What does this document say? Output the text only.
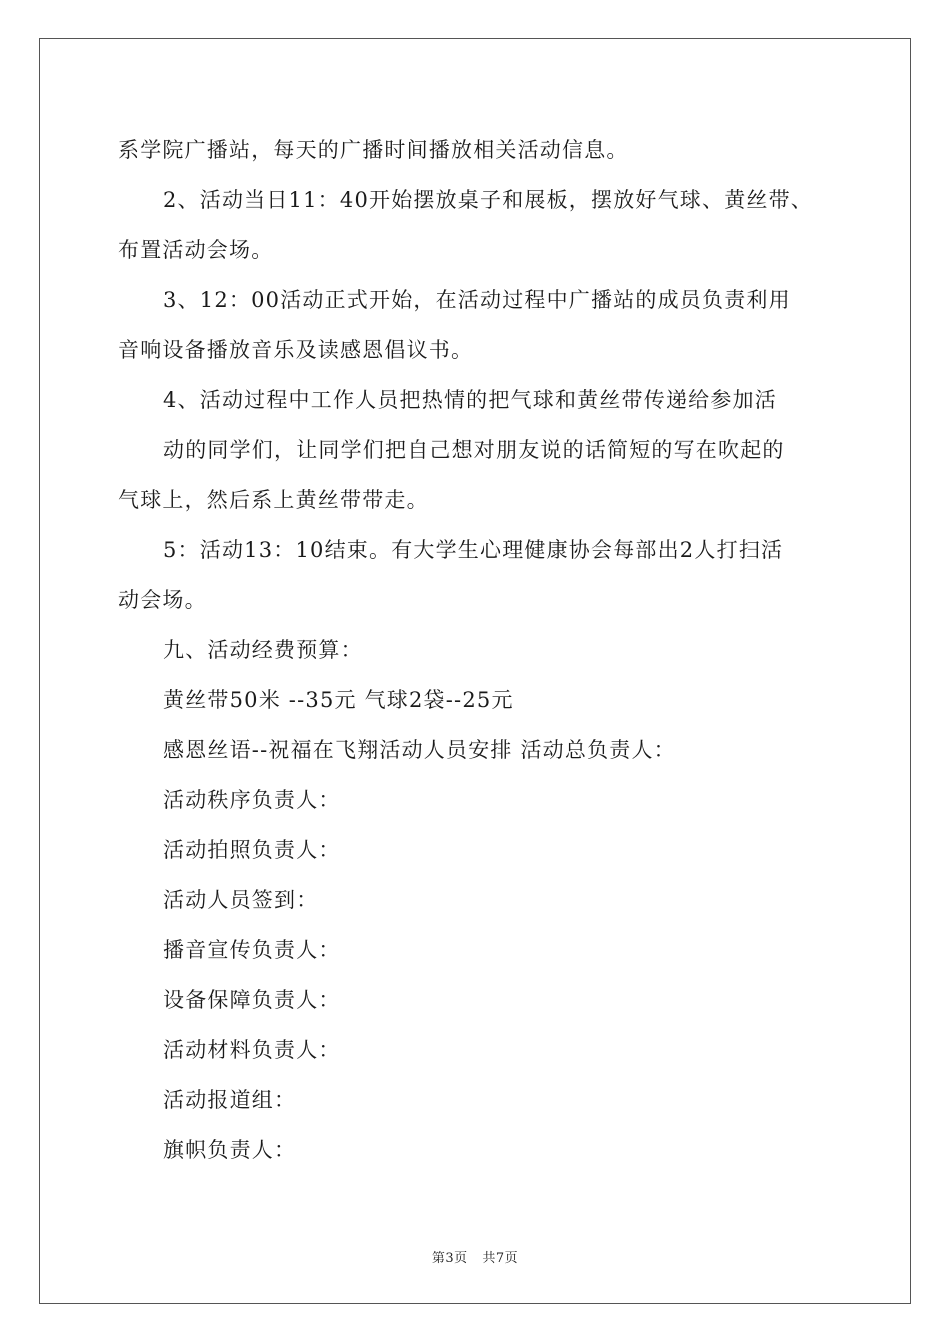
系学院广播站，每天的广播时间播放相关活动信息。
2、活动当日11：40开始摆放桌子和展板，摆放好气球、黄丝带、
布置活动会场。
3、12：00活动正式开始，在活动过程中广播站的成员负责利用
音响设备播放音乐及读感恩倡议书。
4、活动过程中工作人员把热情的把气球和黄丝带传递给参加活
动的同学们，让同学们把自己想对朋友说的话简短的写在吹起的
气球上，然后系上黄丝带带走。
5：活动13：10结束。有大学生心理健康协会每部出2人打扫活
动会场。
九、活动经费预算：
黄丝带50米 --35元 气球2袋--25元
感恩丝语--祝福在飞翔活动人员安排 活动总负责人：
活动秩序负责人：
活动拍照负责人：
活动人员签到：
播音宣传负责人：
设备保障负责人：
活动材料负责人：
活动报道组：
旗帜负责人：
第3页 共7页
